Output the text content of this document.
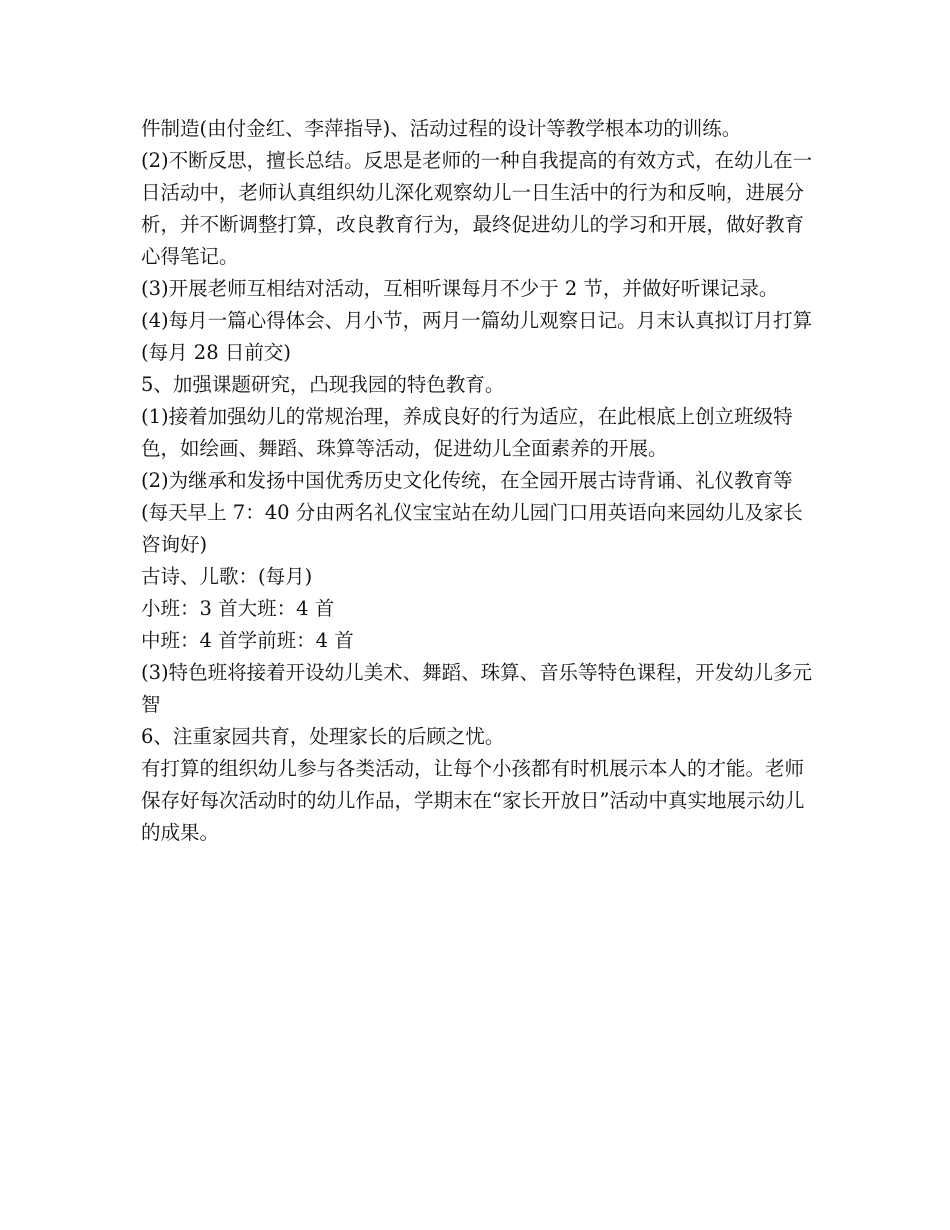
件制造(由付金红、李萍指导)、活动过程的设计等教学根本功的训练。

(2)不断反思，擅长总结。反思是老师的一种自我提高的有效方式，在幼儿在一日活动中，老师认真组织幼儿深化观察幼儿一日生活中的行为和反响，进展分析，并不断调整打算，改良教育行为，最终促进幼儿的学习和开展，做好教育心得笔记。

(3)开展老师互相结对活动，互相听课每月不少于 2 节，并做好听课记录。

(4)每月一篇心得体会、月小节，两月一篇幼儿观察日记。月末认真拟订月打算(每月 28 日前交)

5、加强课题研究，凸现我园的特色教育。

(1)接着加强幼儿的常规治理，养成良好的行为适应，在此根底上创立班级特色，如绘画、舞蹈、珠算等活动，促进幼儿全面素养的开展。

(2)为继承和发扬中国优秀历史文化传统，在全园开展古诗背诵、礼仪教育等(每天早上 7：40 分由两名礼仪宝宝站在幼儿园门口用英语向来园幼儿及家长咨询好)

古诗、儿歌：(每月)

小班：3 首大班：4 首

中班：4 首学前班：4 首

(3)特色班将接着开设幼儿美术、舞蹈、珠算、音乐等特色课程，开发幼儿多元智

6、注重家园共育，处理家长的后顾之忧。

有打算的组织幼儿参与各类活动，让每个小孩都有时机展示本人的才能。老师保存好每次活动时的幼儿作品，学期末在“家长开放日”活动中真实地展示幼儿的成果。
